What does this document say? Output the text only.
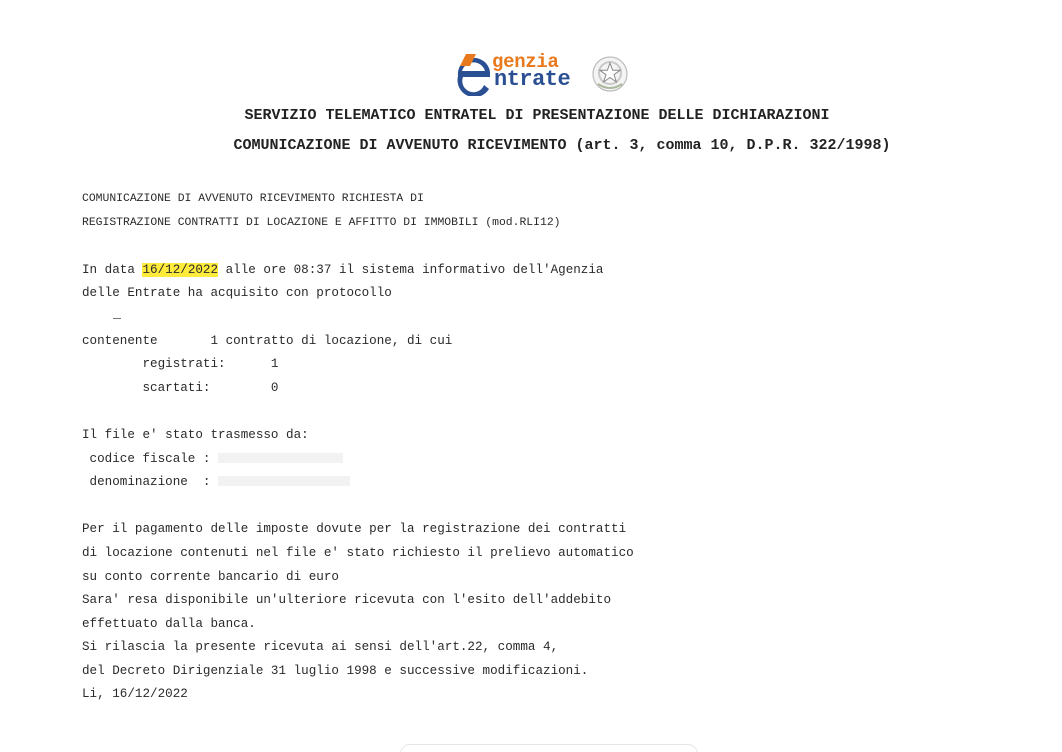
genzia
ntrate
SERVIZIO TELEMATICO ENTRATEL DI PRESENTAZIONE DELLE DICHIARAZIONI
COMUNICAZIONE DI AVVENUTO RICEVIMENTO (art. 3, comma 10, D.P.R. 322/1998)
COMUNICAZIONE DI AVVENUTO RICEVIMENTO RICHIESTA DI
REGISTRAZIONE CONTRATTI DI LOCAZIONE E AFFITTO DI IMMOBILI (mod.RLI12)
In data 16/12/2022 alle ore 08:37 il sistema informativo dell'Agenzia
delle Entrate ha acquisito con protocollo
contenente       1 contratto di locazione, di cui
registrati:      1
scartati:        0
Il file e' stato trasmesso da:
codice fiscale :
denominazione  :
Per il pagamento delle imposte dovute per la registrazione dei contratti
di locazione contenuti nel file e' stato richiesto il prelievo automatico
su conto corrente bancario di euro
Sara' resa disponibile un'ulteriore ricevuta con l'esito dell'addebito
effettuato dalla banca.
Si rilascia la presente ricevuta ai sensi dell'art.22, comma 4,
del Decreto Dirigenziale 31 luglio 1998 e successive modificazioni.
Li, 16/12/2022
